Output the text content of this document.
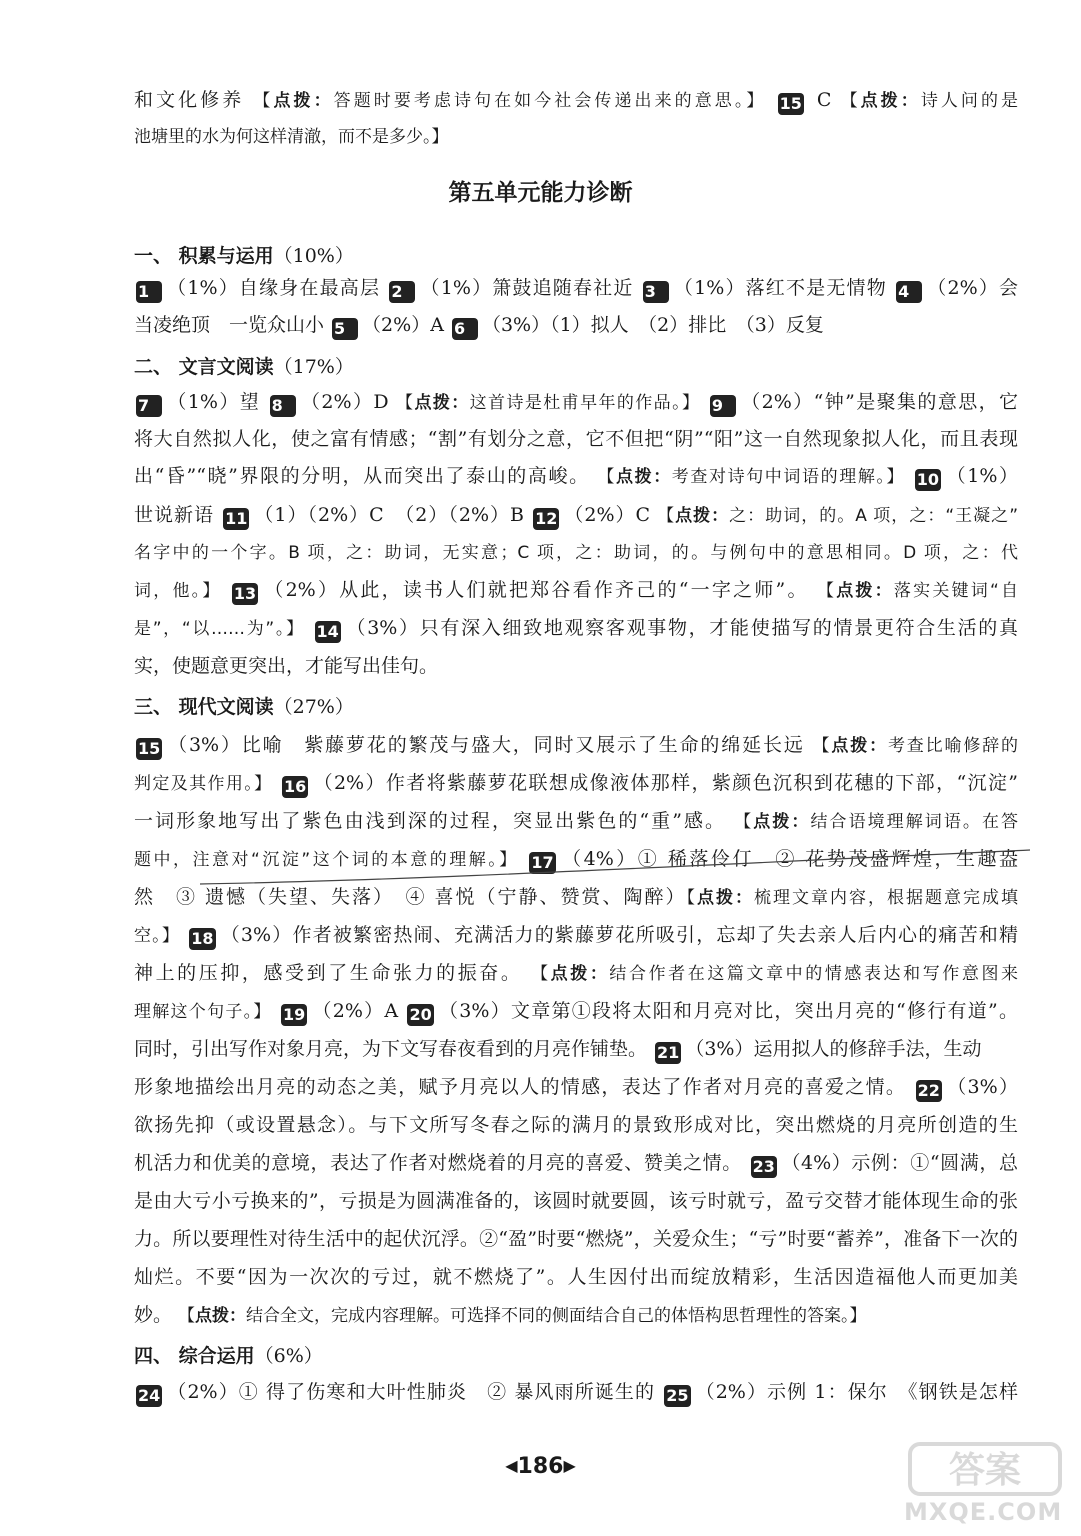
和文化修养 【点拨：答题时要考虑诗句在如今社会传递出来的意思。】 15 C 【点拨：诗人问的是
池塘里的水为何这样清澈，而不是多少。】
第五单元能力诊断
一、 积累与运用（10%）
二、 文言文阅读（17%）
三、 现代文阅读（27%）
四、 综合运用（6%）
1 （1%）自缘身在最高层 2 （1%）箫鼓追随春社近 3 （1%）落红不是无情物 4 （2%）会
当凌绝顶　一览众山小 5 （2%）A 6 （3%）（1）拟人　（2）排比　（3）反复
7 （1%）望 8 （2%）D 【点拨：这首诗是杜甫早年的作品。】 9 （2%）“钟”是聚集的意思，它
将大自然拟人化，使之富有情感；“割”有划分之意，它不但把“阴”“阳”这一自然现象拟人化，而且表现
出“昏”“晓”界限的分明，从而突出了泰山的高峻。 【点拨：考查对诗句中词语的理解。】 10 （1%）
世说新语 11 （1）（2%）C　（2）（2%）B 12 （2%）C 【点拨：之：助词，的。A 项，之：“王凝之”
名字中的一个字。B 项，之：助词，无实意；C 项，之：助词，的。与例句中的意思相同。D 项，之：代
词，他。】 13 （2%）从此，读书人们就把郑谷看作齐己的“一字之师”。 【点拨：落实关键词“自
是”，“以……为”。】 14 （3%）只有深入细致地观察客观事物，才能使描写的情景更符合生活的真
实，使题意更突出，才能写出佳句。
15 （3%）比喻　紫藤萝花的繁茂与盛大，同时又展示了生命的绵延长远 【点拨：考查比喻修辞的
判定及其作用。】 16 （2%）作者将紫藤萝花联想成像液体那样，紫颜色沉积到花穗的下部，“沉淀”
一词形象地写出了紫色由浅到深的过程，突显出紫色的“重”感。 【点拨：结合语境理解词语。在答
题中，注意对“沉淀”这个词的本意的理解。】 17 （4%）① 稀落伶仃　② 花势茂盛辉煌，生趣盎
然　③ 遗憾（失望、失落）　④ 喜悦（宁静、赞赏、陶醉）【点拨：梳理文章内容，根据题意完成填
空。】 18 （3%）作者被繁密热闹、充满活力的紫藤萝花所吸引，忘却了失去亲人后内心的痛苦和精
神上的压抑，感受到了生命张力的振奋。 【点拨：结合作者在这篇文章中的情感表达和写作意图来
理解这个句子。】 19 （2%）A 20 （3%）文章第①段将太阳和月亮对比，突出月亮的“修行有道”。
同时，引出写作对象月亮，为下文写春夜看到的月亮作铺垫。 21 （3%）运用拟人的修辞手法，生动
形象地描绘出月亮的动态之美，赋予月亮以人的情感，表达了作者对月亮的喜爱之情。 22 （3%）
欲扬先抑（或设置悬念）。与下文所写冬春之际的满月的景致形成对比，突出燃烧的月亮所创造的生
机活力和优美的意境，表达了作者对燃烧着的月亮的喜爱、赞美之情。 23 （4%）示例：①“圆满，总
是由大亏小亏换来的”，亏损是为圆满准备的，该圆时就要圆，该亏时就亏，盈亏交替才能体现生命的张
力。所以要理性对待生活中的起伏沉浮。②“盈”时要“燃烧”，关爱众生；“亏”时要“蓄养”，准备下一次的
灿烂。不要“因为一次次的亏过，就不燃烧了”。人生因付出而绽放精彩，生活因造福他人而更加美
妙。 【点拨：结合全文，完成内容理解。可选择不同的侧面结合自己的体悟构思哲理性的答案。】
24 （2%）① 得了伤寒和大叶性肺炎　② 暴风雨所诞生的 25 （2%）示例 1：保尔　《钢铁是怎样
◀186▶	答案
MXQE.COM
